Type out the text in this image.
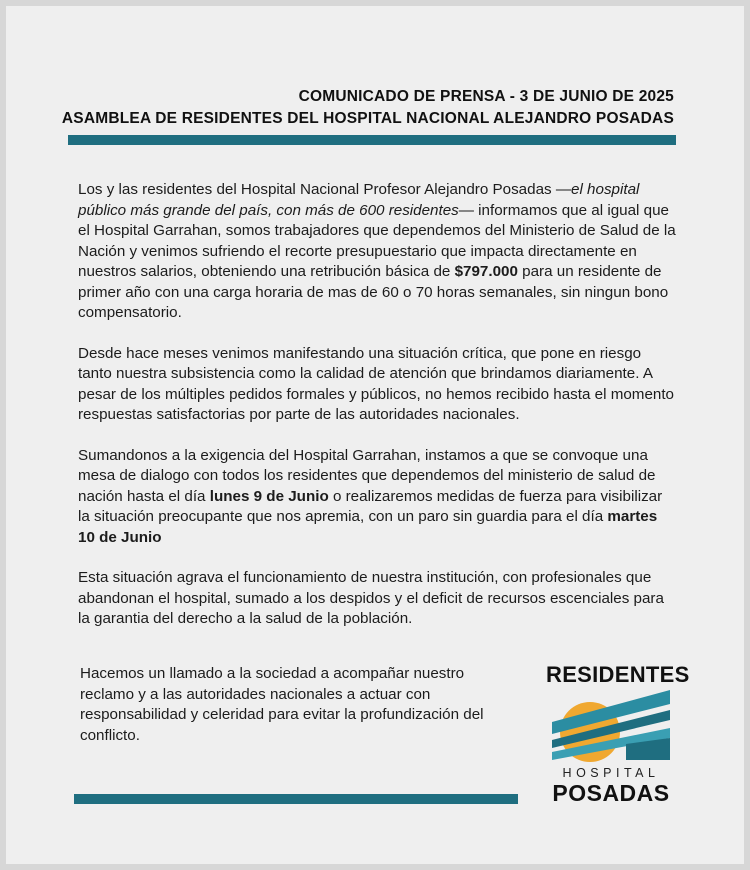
COMUNICADO DE PRENSA - 3 DE JUNIO DE 2025
ASAMBLEA DE RESIDENTES DEL HOSPITAL NACIONAL ALEJANDRO POSADAS

Los y las residentes del Hospital Nacional Profesor Alejandro Posadas —el hospital público más grande del país, con más de 600 residentes— informamos que al igual que el Hospital Garrahan, somos trabajadores que dependemos del Ministerio de Salud de la Nación y venimos sufriendo el recorte presupuestario que impacta directamente en nuestros salarios, obteniendo una retribución básica de $797.000 para un residente de primer año con una carga horaria de mas de 60 o 70 horas semanales, sin ningun bono compensatorio.

Desde hace meses venimos manifestando una situación crítica, que pone en riesgo tanto nuestra subsistencia como la calidad de atención que brindamos diariamente. A pesar de los múltiples pedidos formales y públicos, no hemos recibido hasta el momento respuestas satisfactorias por parte de las autoridades nacionales.

Sumandonos a la exigencia del Hospital Garrahan, instamos a que se convoque una mesa de dialogo con todos los residentes que dependemos del ministerio de salud de nación hasta el día lunes 9 de Junio o realizaremos medidas de fuerza para visibilizar la situación preocupante que nos apremia, con un paro sin guardia para el día martes 10 de Junio

Esta situación agrava el funcionamiento de nuestra institución, con profesionales que abandonan el hospital, sumado a los despidos y el deficit de recursos escenciales para la garantia del derecho a la salud de la población.

Hacemos un llamado a la sociedad a acompañar nuestro reclamo y a las autoridades nacionales a actuar con responsabilidad y celeridad para evitar la profundización del conflicto.

RESIDENTES
HOSPITAL
POSADAS
